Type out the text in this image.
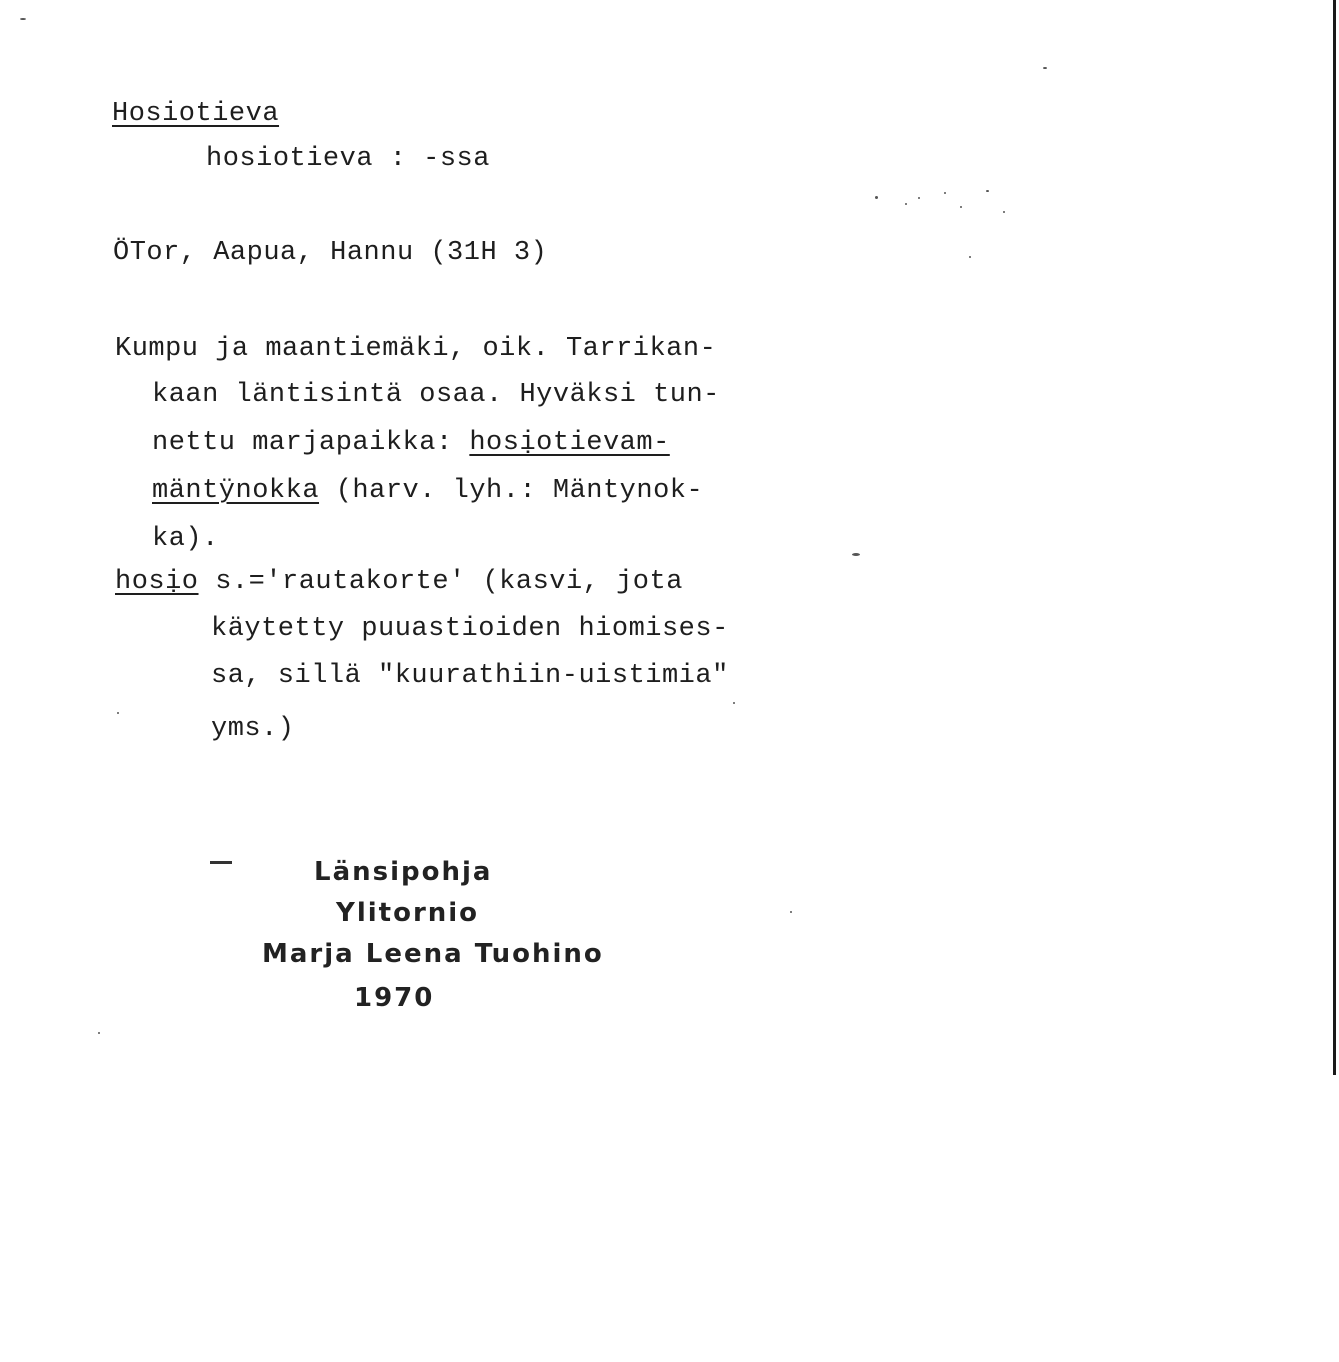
Hosiotieva
hosiotieva : -ssa
ÖTor, Aapua, Hannu (31H 3)
Kumpu ja maantiemäki, oik. Tarrikan-
kaan läntisintä osaa. Hyväksi tun-
nettu marjapaikka: hosịotievam-
mäntÿnokka (harv. lyh.: Mäntynok-
ka).
hosịo s.='rautakorte' (kasvi, jota
käytetty puuastioiden hiomises-
sa, sillä "kuurathiin-uistimia"
yms.)
Länsipohja
Ylitornio
Marja Leena Tuohino
1970
